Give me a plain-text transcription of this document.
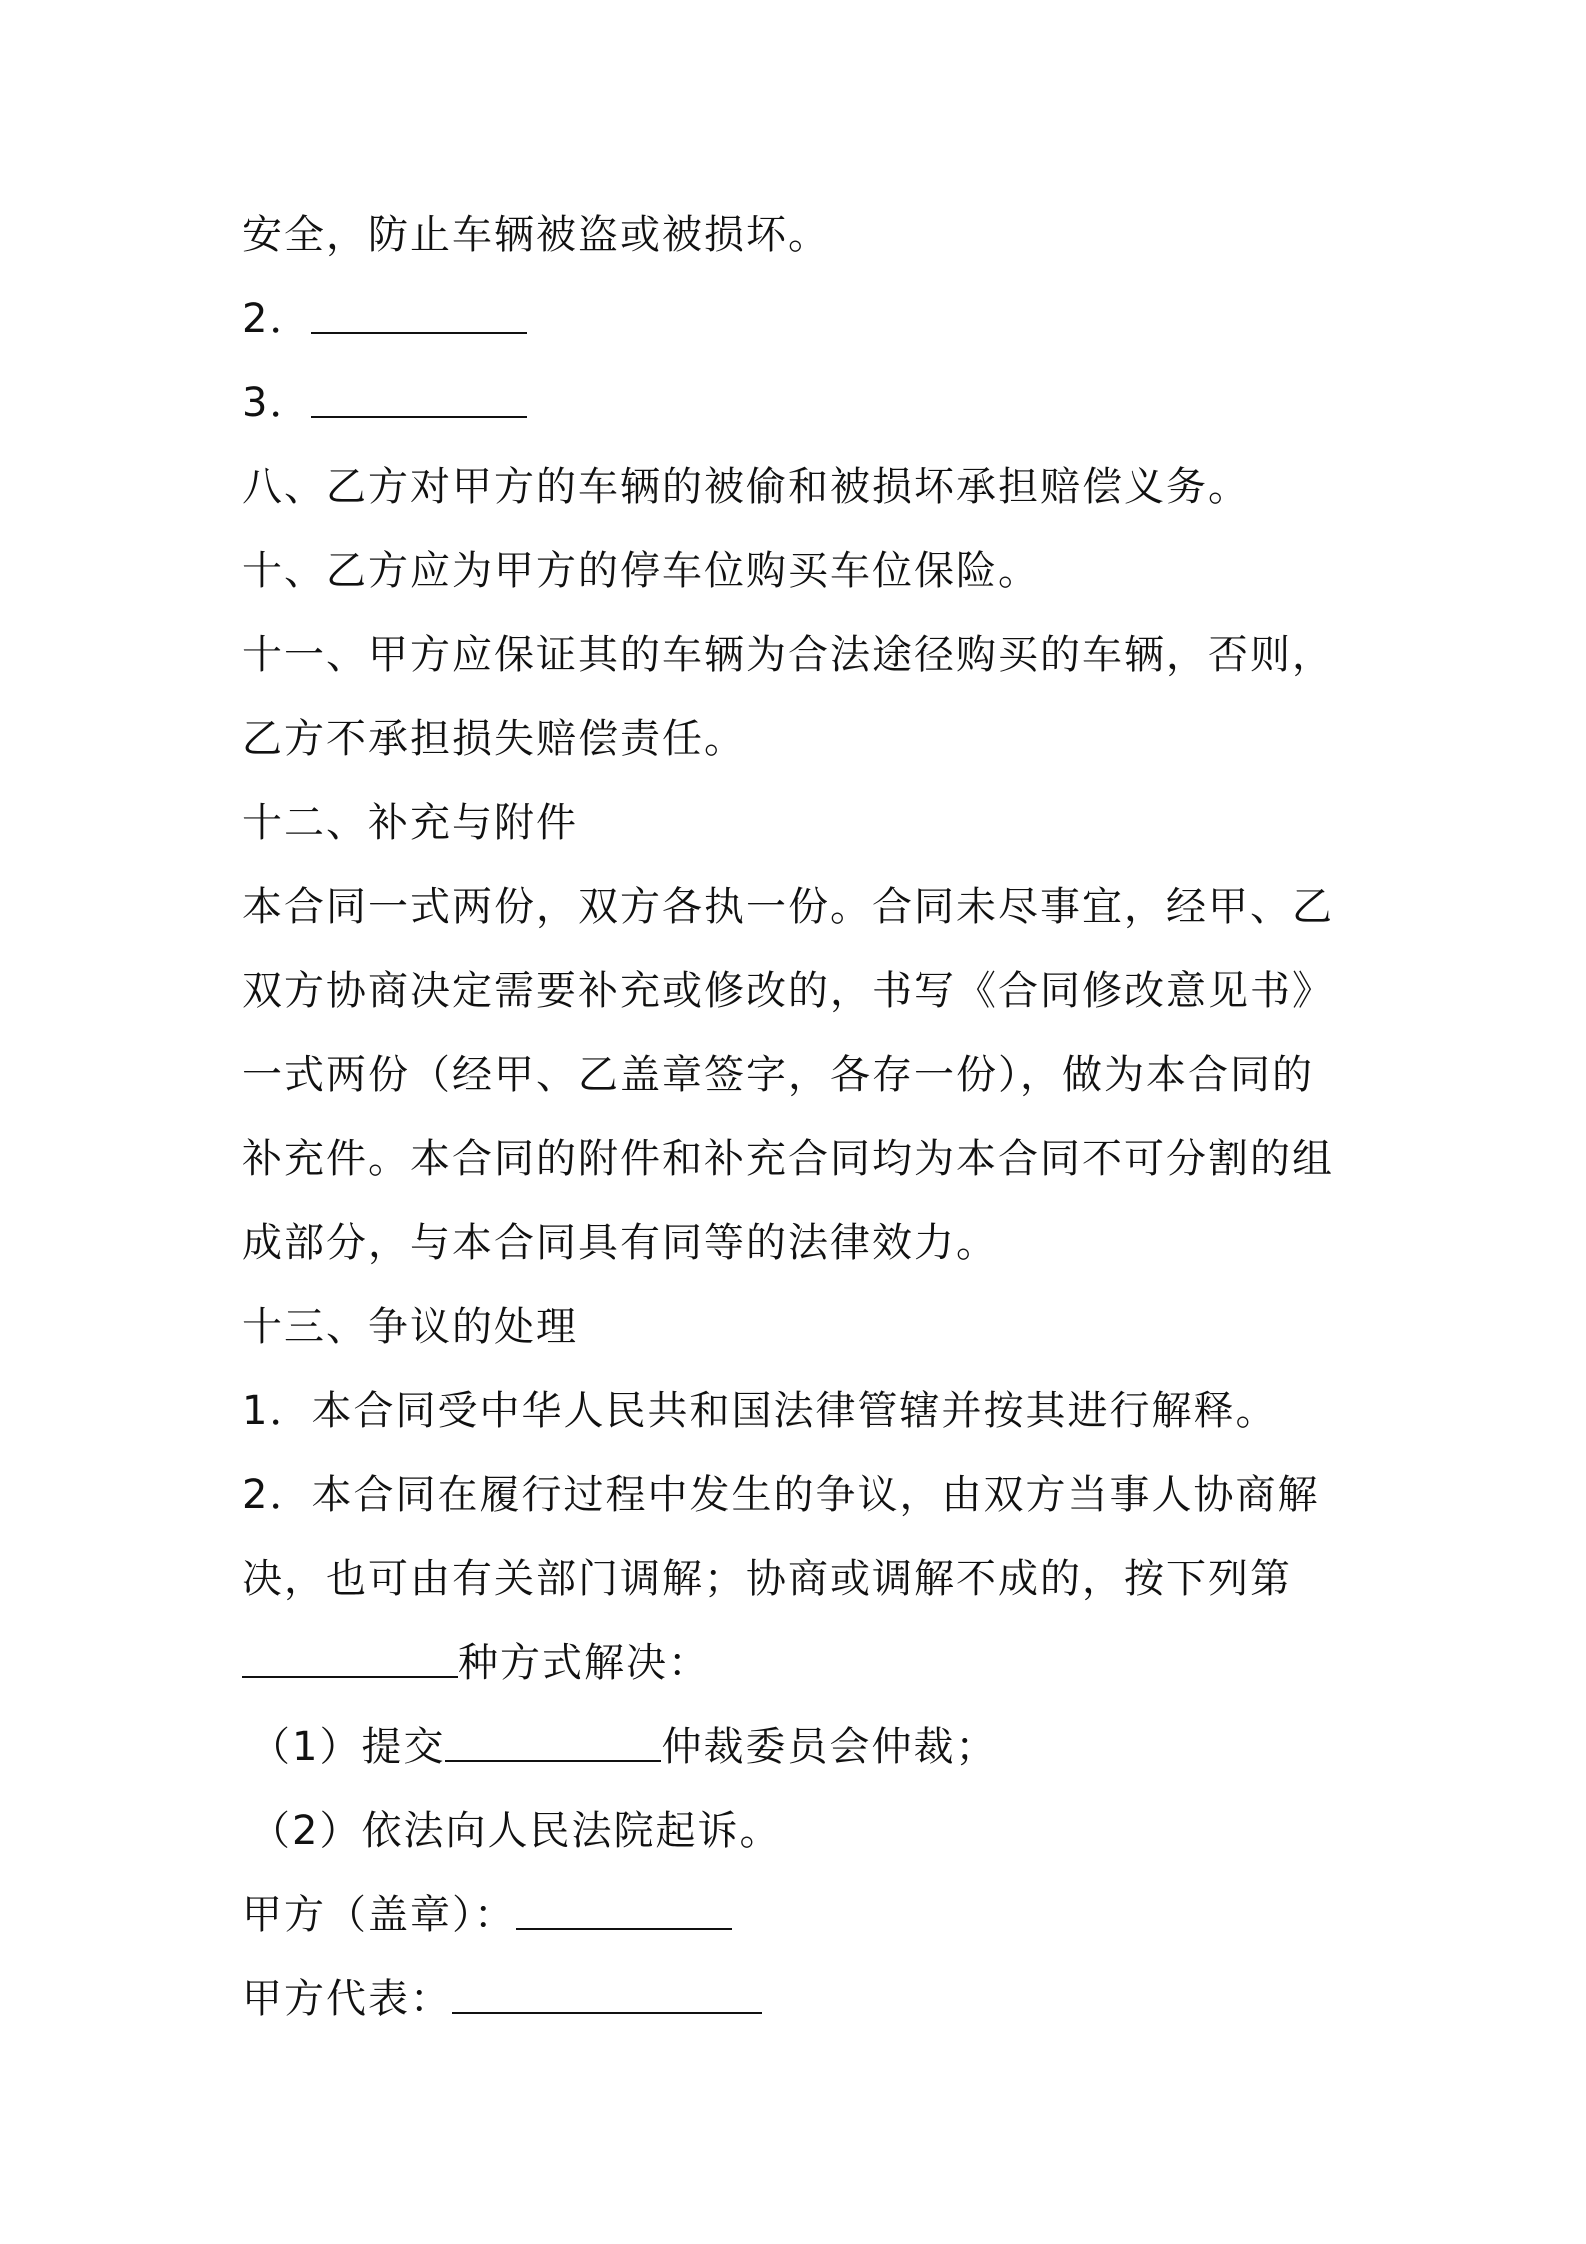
安全，防止车辆被盗或被损坏。
2．
3．
八、乙方对甲方的车辆的被偷和被损坏承担赔偿义务。
十、乙方应为甲方的停车位购买车位保险。
十一、甲方应保证其的车辆为合法途径购买的车辆，否则，
乙方不承担损失赔偿责任。
十二、补充与附件
本合同一式两份，双方各执一份。合同未尽事宜，经甲、乙
双方协商决定需要补充或修改的，书写《合同修改意见书》
一式两份（经甲、乙盖章签字，各存一份），做为本合同的
补充件。本合同的附件和补充合同均为本合同不可分割的组
成部分，与本合同具有同等的法律效力。
十三、争议的处理
1．本合同受中华人民共和国法律管辖并按其进行解释。
2．本合同在履行过程中发生的争议，由双方当事人协商解
决，也可由有关部门调解；协商或调解不成的，按下列第
种方式解决：
（1）提交	仲裁委员会仲裁；
（2）依法向人民法院起诉。
甲方（盖章）：
甲方代表：
